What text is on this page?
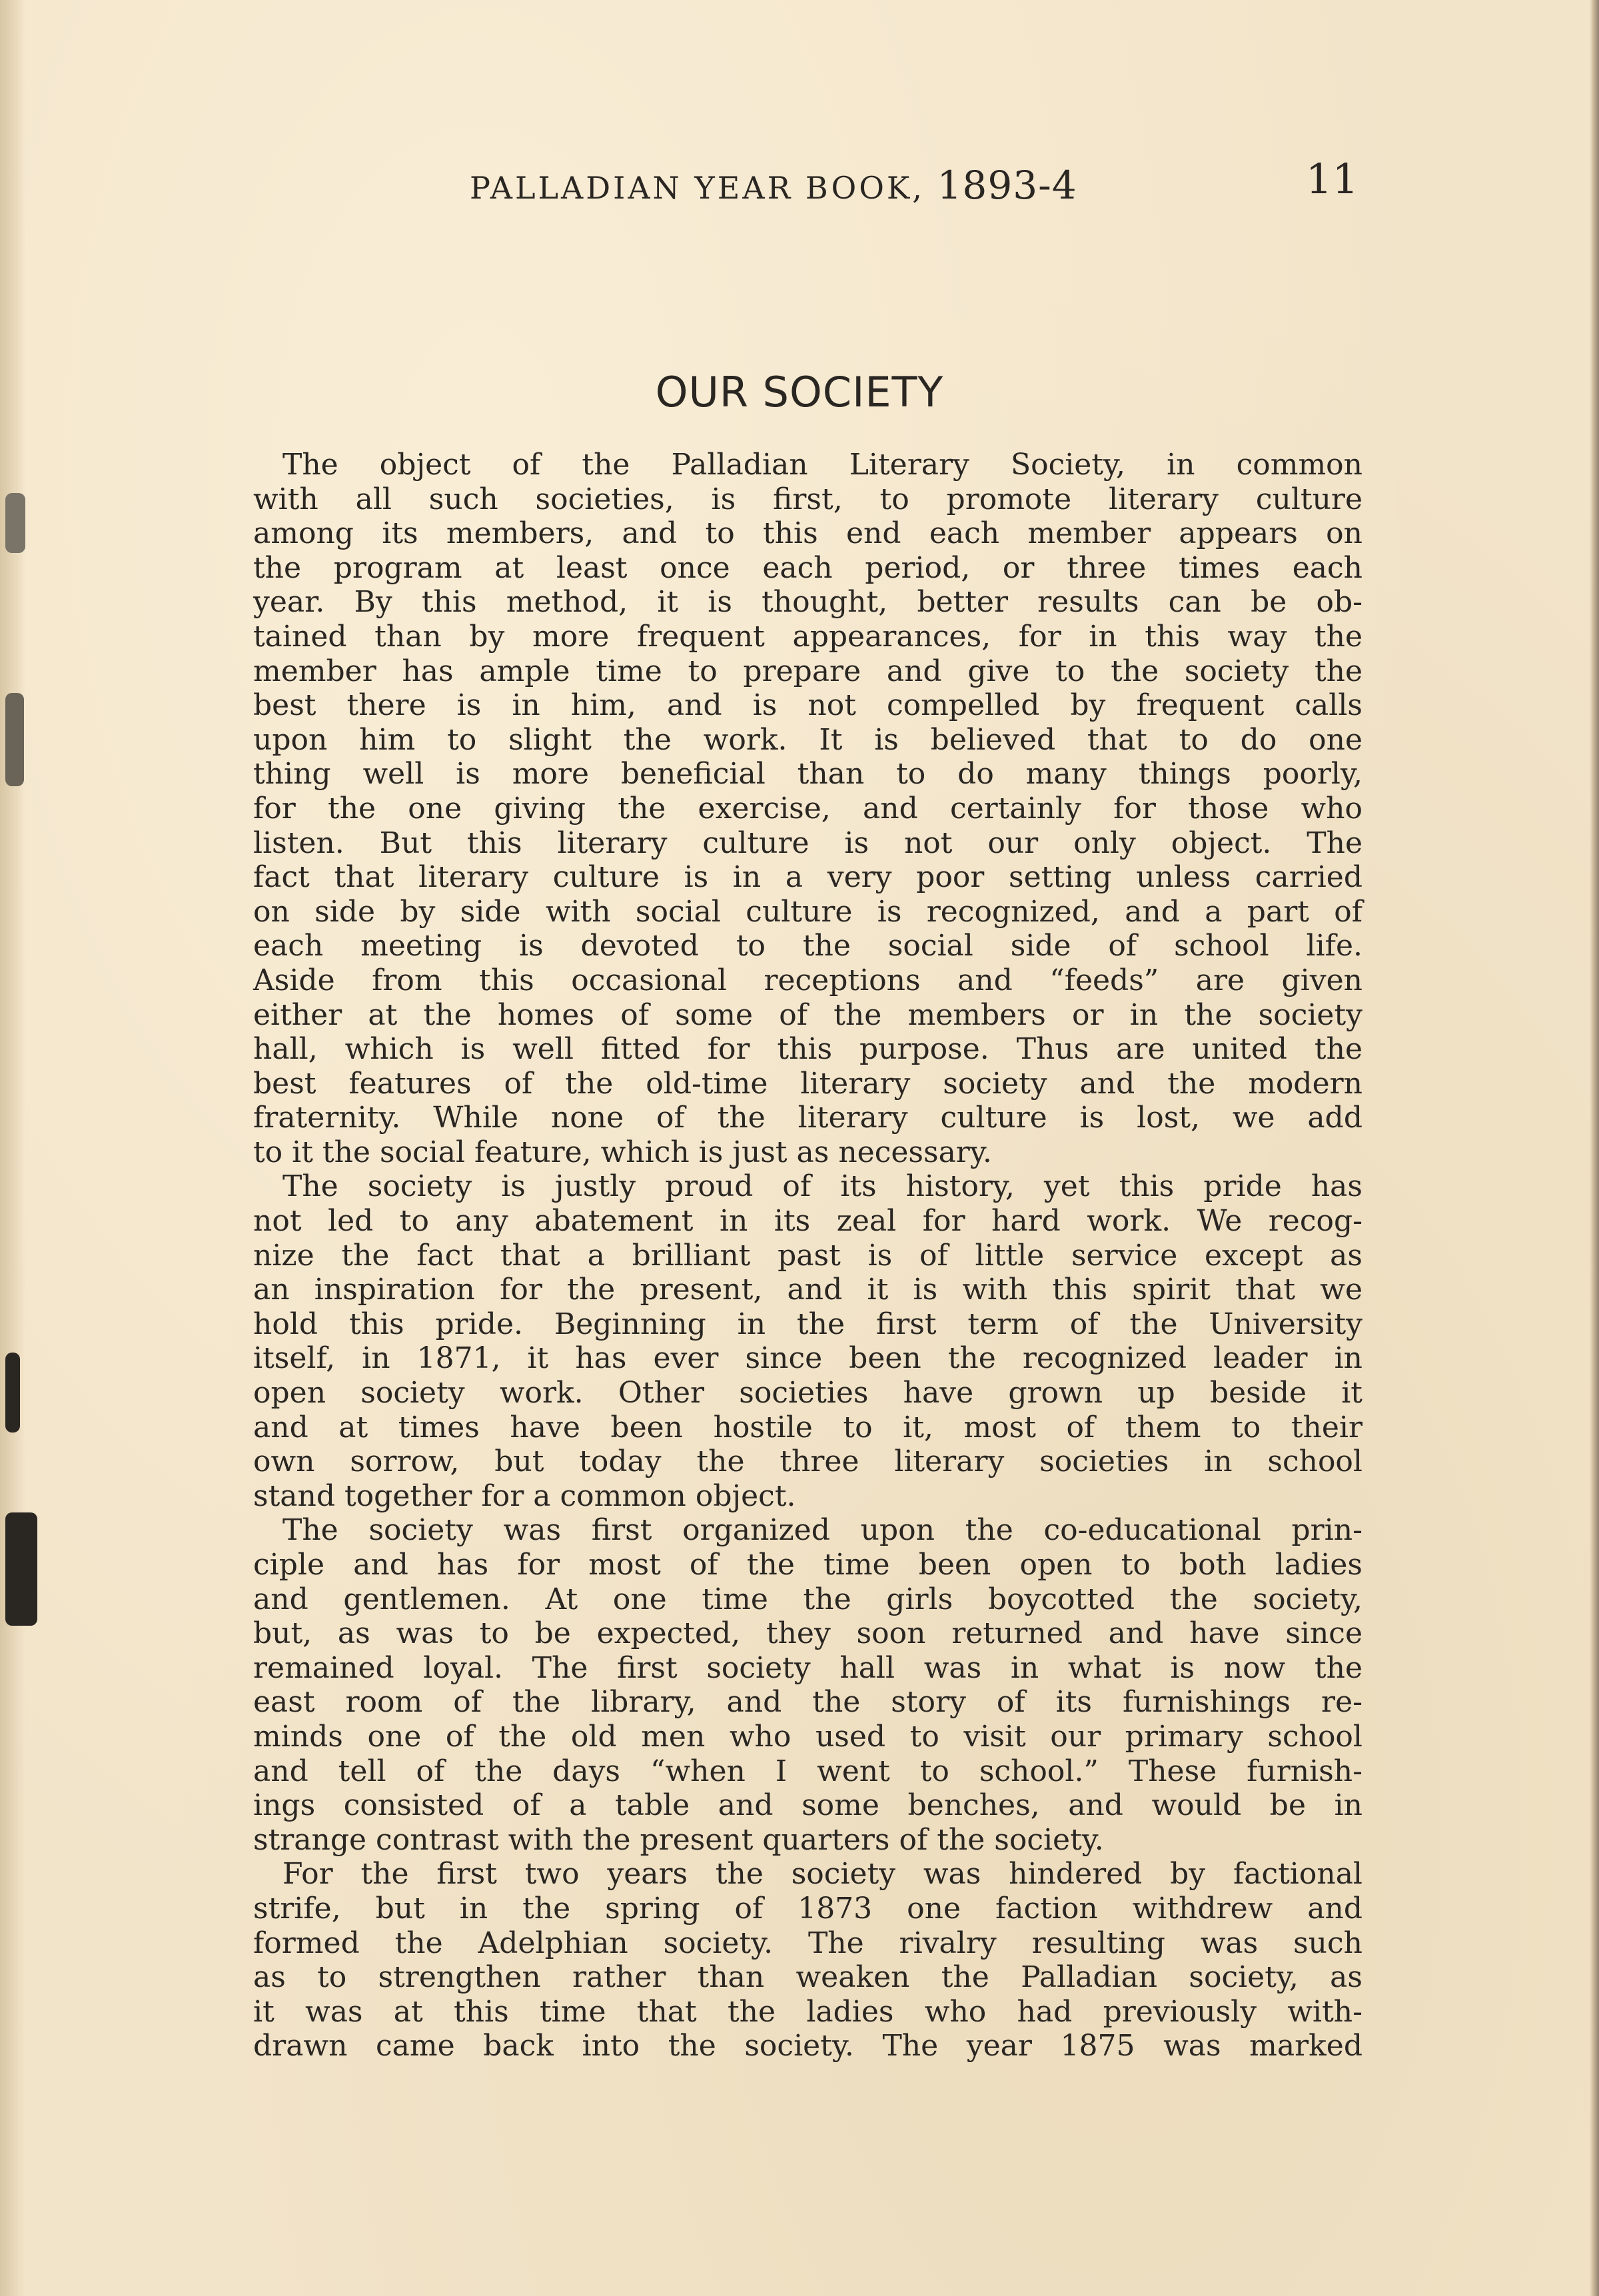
PALLADIAN YEAR BOOK, 1893-4	11
OUR SOCIETY
The object of the Palladian Literary Society, in common
with all such societies, is first, to promote literary culture
among its members, and to this end each member appears on
the program at least once each period, or three times each
year. By this method, it is thought, better results can be ob-
tained than by more frequent appearances, for in this way the
member has ample time to prepare and give to the society the
best there is in him, and is not compelled by frequent calls
upon him to slight the work. It is believed that to do one
thing well is more beneficial than to do many things poorly,
for the one giving the exercise, and certainly for those who
listen. But this literary culture is not our only object. The
fact that literary culture is in a very poor setting unless carried
on side by side with social culture is recognized, and a part of
each meeting is devoted to the social side of school life.
Aside from this occasional receptions and “feeds” are given
either at the homes of some of the members or in the society
hall, which is well fitted for this purpose. Thus are united the
best features of the old-time literary society and the modern
fraternity. While none of the literary culture is lost, we add
to it the social feature, which is just as necessary.
The society is justly proud of its history, yet this pride has
not led to any abatement in its zeal for hard work. We recog-
nize the fact that a brilliant past is of little service except as
an inspiration for the present, and it is with this spirit that we
hold this pride. Beginning in the first term of the University
itself, in 1871, it has ever since been the recognized leader in
open society work. Other societies have grown up beside it
and at times have been hostile to it, most of them to their
own sorrow, but today the three literary societies in school
stand together for a common object.
The society was first organized upon the co-educational prin-
ciple and has for most of the time been open to both ladies
and gentlemen. At one time the girls boycotted the society,
but, as was to be expected, they soon returned and have since
remained loyal. The first society hall was in what is now the
east room of the library, and the story of its furnishings re-
minds one of the old men who used to visit our primary school
and tell of the days “when I went to school.” These furnish-
ings consisted of a table and some benches, and would be in
strange contrast with the present quarters of the society.
For the first two years the society was hindered by factional
strife, but in the spring of 1873 one faction withdrew and
formed the Adelphian society. The rivalry resulting was such
as to strengthen rather than weaken the Palladian society, as
it was at this time that the ladies who had previously with-
drawn came back into the society. The year 1875 was marked
